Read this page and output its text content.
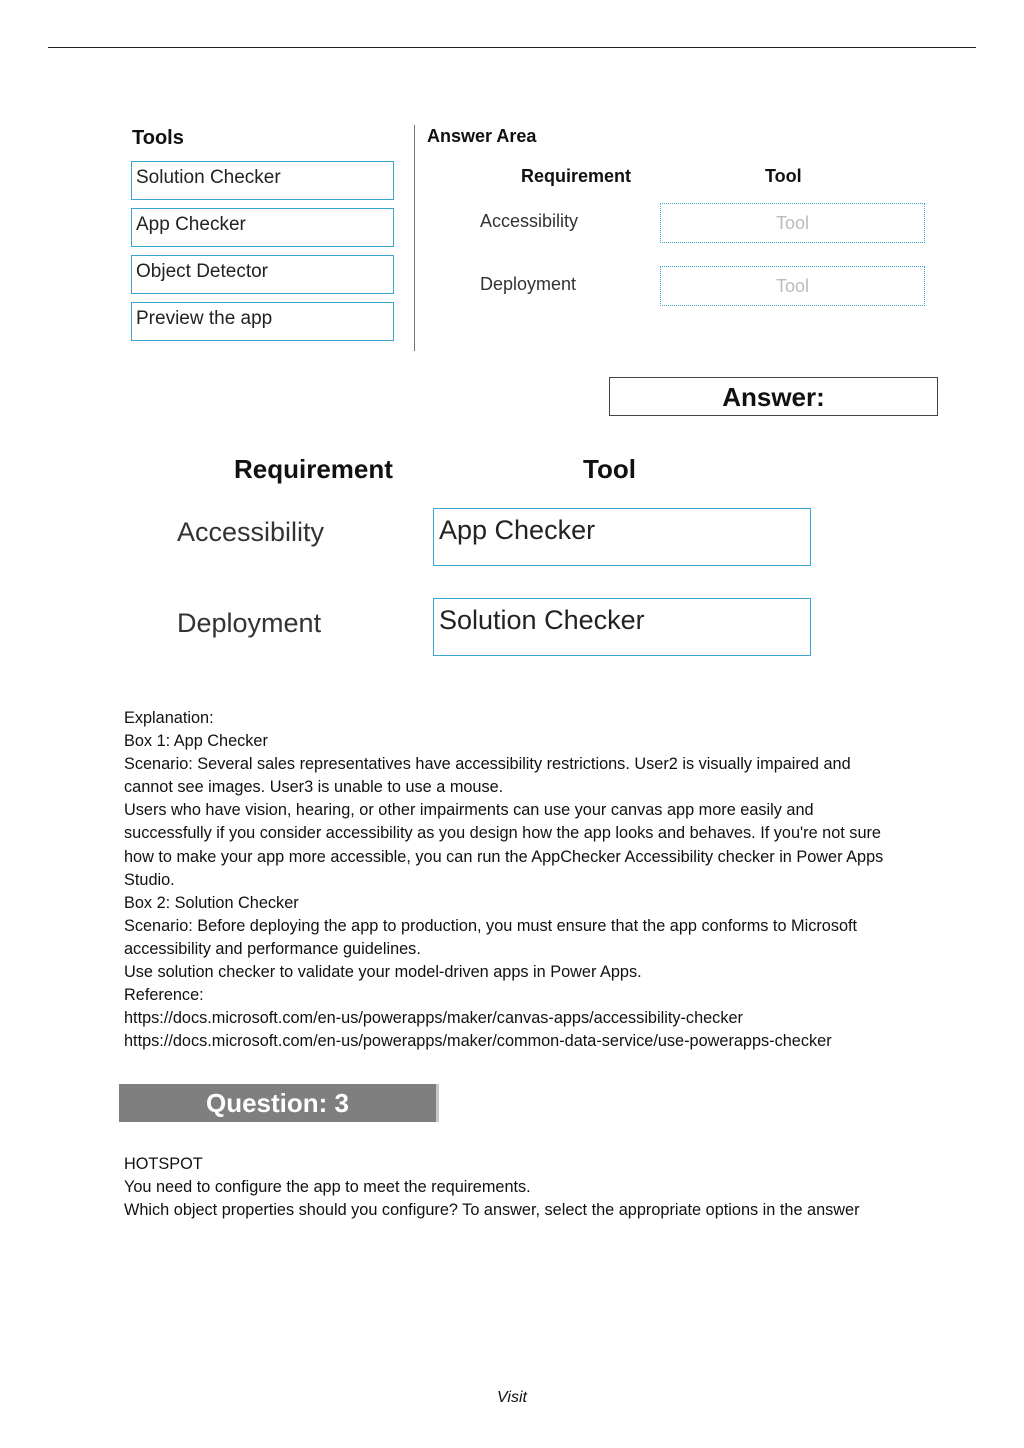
Tools
Solution Checker
App Checker
Object Detector
Preview the app
Answer Area
Requirement	Tool
Accessibility	Tool
Deployment	Tool
Answer:
Requirement	Tool
Accessibility	App Checker
Deployment	Solution Checker
Explanation:
Box 1: App Checker
Scenario: Several sales representatives have accessibility restrictions. User2 is visually impaired and
cannot see images. User3 is unable to use a mouse.
Users who have vision, hearing, or other impairments can use your canvas app more easily and
successfully if you consider accessibility as you design how the app looks and behaves. If you're not sure
how to make your app more accessible, you can run the AppChecker Accessibility checker in Power Apps
Studio.
Box 2: Solution Checker
Scenario: Before deploying the app to production, you must ensure that the app conforms to Microsoft
accessibility and performance guidelines.
Use solution checker to validate your model-driven apps in Power Apps.
Reference:
https://docs.microsoft.com/en-us/powerapps/maker/canvas-apps/accessibility-checker
https://docs.microsoft.com/en-us/powerapps/maker/common-data-service/use-powerapps-checker
Question: 3
HOTSPOT
You need to configure the app to meet the requirements.
Which object properties should you configure? To answer, select the appropriate options in the answer
Visit
